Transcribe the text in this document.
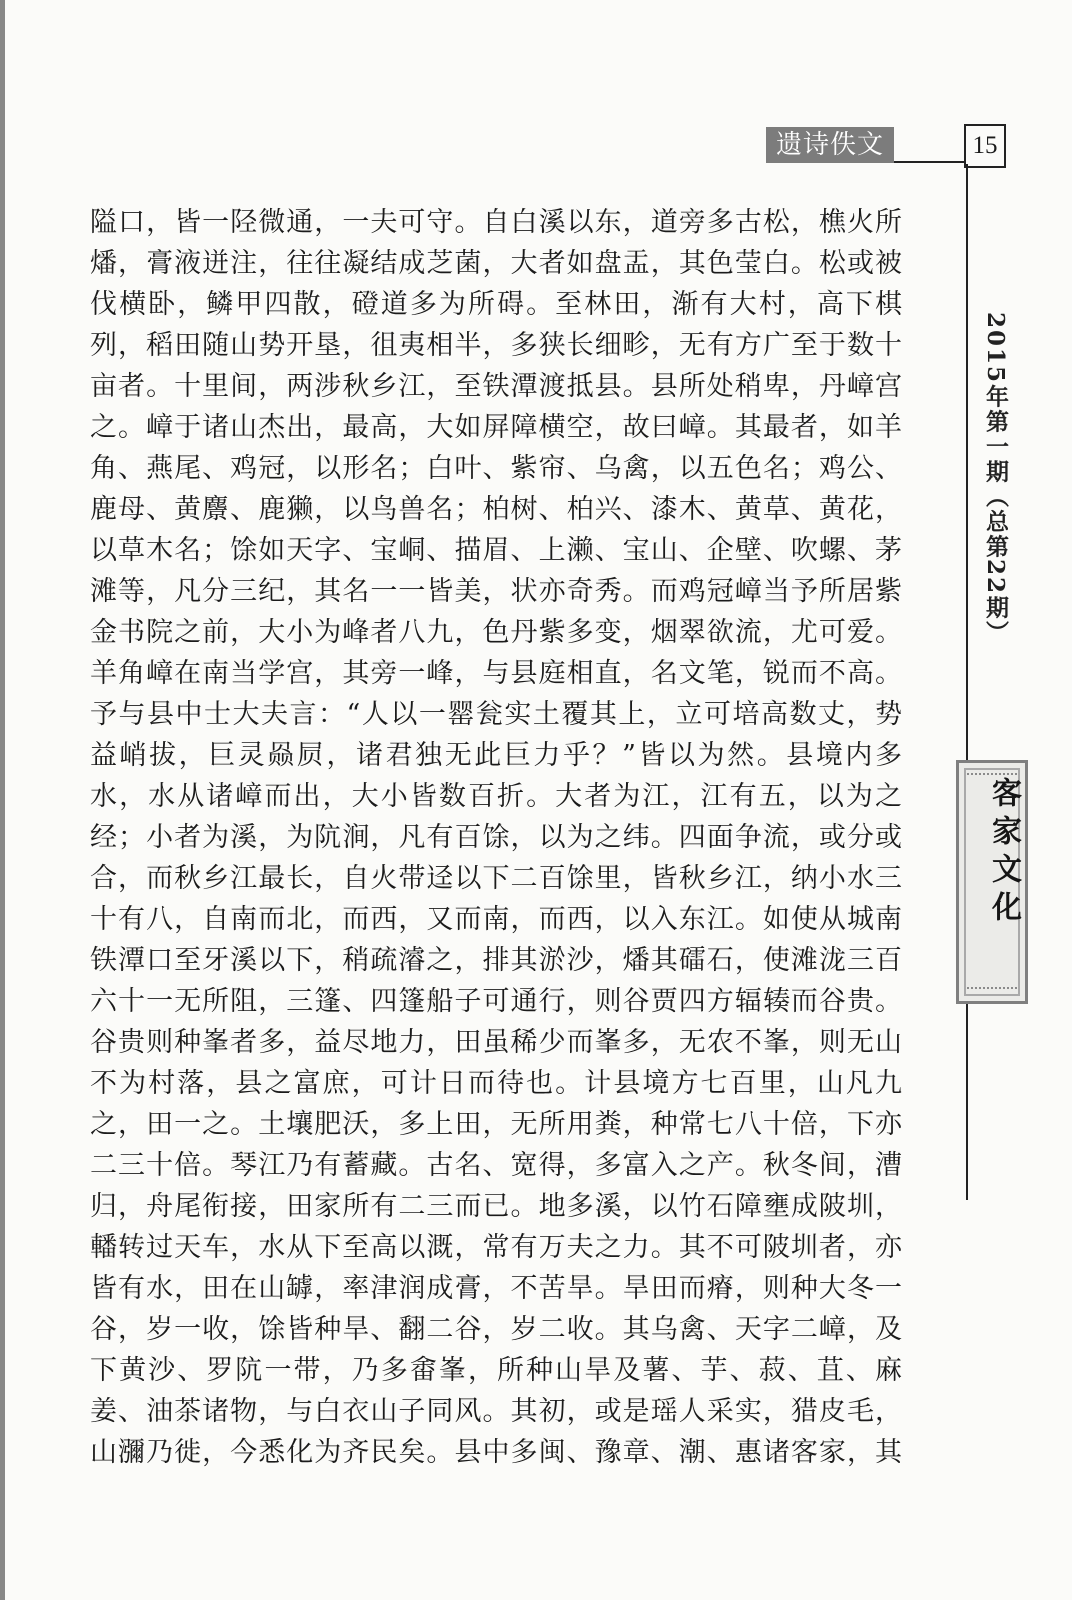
遗诗佚文	15
2015年第一期（总第22期）
客家文化
隘口，皆一陉微通，一夫可守。自白溪以东，道旁多古松，樵火所
燔，膏液迸注，往往凝结成芝菌，大者如盘盂，其色莹白。松或被
伐横卧，鳞甲四散，磴道多为所碍。至林田，渐有大村，高下棋
列，稻田随山势开垦，徂夷相半，多狭长细畛，无有方广至于数十
亩者。十里间，两涉秋乡江，至铁潭渡抵县。县所处稍卑，丹嶂宫
之。嶂于诸山杰出，最高，大如屏障横空，故曰嶂。其最者，如羊
角、燕尾、鸡冠，以形名；白叶、紫帘、乌禽，以五色名；鸡公、
鹿母、黄麖、鹿獭，以鸟兽名；柏树、柏兴、漆木、黄草、黄花，
以草木名；馀如天字、宝峒、描眉、上濑、宝山、企壁、吹螺、茅
滩等，凡分三纪，其名一一皆美，状亦奇秀。而鸡冠嶂当予所居紫
金书院之前，大小为峰者八九，色丹紫多变，烟翠欲流，尤可爱。
羊角嶂在南当学宫，其旁一峰，与县庭相直，名文笔，锐而不高。
予与县中士大夫言：“人以一罂瓮实土覆其上，立可培高数丈，势
益峭拔，巨灵赑屃，诸君独无此巨力乎？”皆以为然。县境内多
水，水从诸嶂而出，大小皆数百折。大者为江，江有五，以为之
经；小者为溪，为阬涧，凡有百馀，以为之纬。四面争流，或分或
合，而秋乡江最长，自火带迳以下二百馀里，皆秋乡江，纳小水三
十有八，自南而北，而西，又而南，而西，以入东江。如使从城南
铁潭口至牙溪以下，稍疏濬之，排其淤沙，燔其礌石，使滩泷三百
六十一无所阻，三篷、四篷船子可通行，则谷贾四方辐辏而谷贵。
谷贵则种峯者多，益尽地力，田虽稀少而峯多，无农不峯，则无山
不为村落，县之富庶，可计日而待也。计县境方七百里，山凡九
之，田一之。土壤肥沃，多上田，无所用粪，种常七八十倍，下亦
二三十倍。琴江乃有蓄藏。古名、宽得，多富入之产。秋冬间，漕
归，舟尾衔接，田家所有二三而已。地多溪，以竹石障壅成陂圳，
轓转过天车，水从下至高以溉，常有万夫之力。其不可陂圳者，亦
皆有水，田在山罅，率津润成膏，不苦旱。旱田而瘠，则种大冬一
谷，岁一收，馀皆种旱、翻二谷，岁二收。其乌禽、天字二嶂，及
下黄沙、罗阬一带，乃多畬峯，所种山旱及薯、芋、菽、苴、麻
姜、油茶诸物，与白衣山子同风。其初，或是瑶人采实，猎皮毛，
山瀰乃徙，今悉化为齐民矣。县中多闽、豫章、潮、惠诸客家，其
